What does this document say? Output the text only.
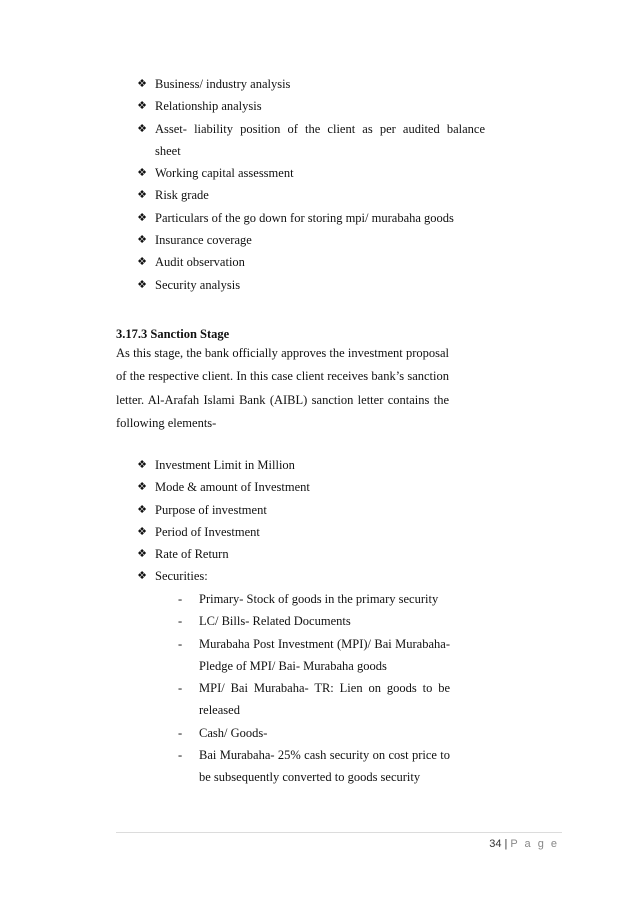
❖ Business/ industry analysis
❖ Relationship analysis
❖ Asset- liability position of the client as per audited balance sheet
❖ Working capital assessment
❖ Risk grade
❖ Particulars of the go down for storing mpi/ murabaha goods
❖ Insurance coverage
❖ Audit observation
❖ Security analysis
3.17.3 Sanction Stage

As this stage, the bank officially approves the investment proposal of the respective client. In this case client receives bank’s sanction letter. Al-Arafah Islami Bank (AIBL) sanction letter contains the following elements-

❖ Investment Limit in Million
❖ Mode & amount of Investment
❖ Purpose of investment
❖ Period of Investment
❖ Rate of Return
❖ Securities:
- Primary- Stock of goods in the primary security
- LC/ Bills- Related Documents
- Murabaha Post Investment (MPI)/ Bai Murabaha- Pledge of MPI/ Bai- Murabaha goods
- MPI/ Bai Murabaha- TR: Lien on goods to be released
- Cash/ Goods-
- Bai Murabaha- 25% cash security on cost price to be subsequently converted to goods security
34 | P a g e
